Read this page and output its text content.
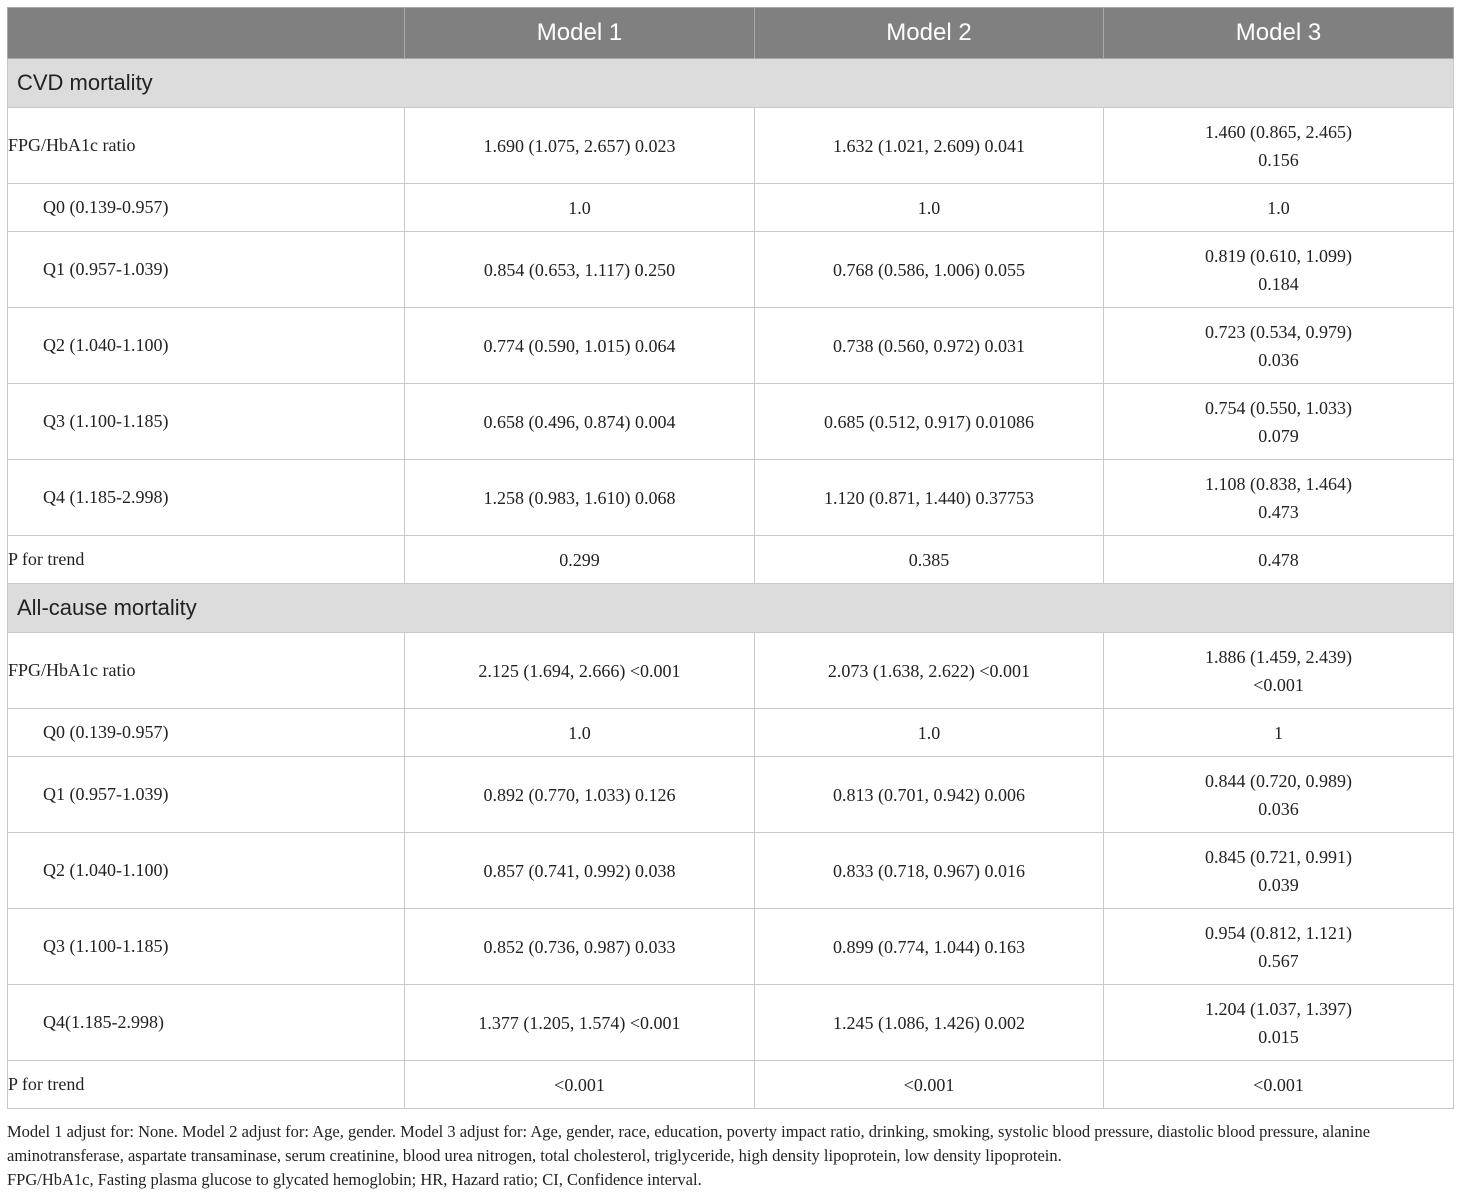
	Model 1	Model 2	Model 3
CVD mortality			
FPG/HbA1c ratio	1.690 (1.075, 2.657) 0.023	1.632 (1.021, 2.609) 0.041	1.460 (0.865, 2.465)
0.156

Q0 (0.139-0.957)	1.0	1.0	1.0
Q1 (0.957-1.039)	0.854 (0.653, 1.117) 0.250	0.768 (0.586, 1.006) 0.055	0.819 (0.610, 1.099)
0.184

Q2 (1.040-1.100)	0.774 (0.590, 1.015) 0.064	0.738 (0.560, 0.972) 0.031	0.723 (0.534, 0.979)
0.036

Q3 (1.100-1.185)	0.658 (0.496, 0.874) 0.004	0.685 (0.512, 0.917) 0.01086	0.754 (0.550, 1.033)
0.079

Q4 (1.185-2.998)	1.258 (0.983, 1.610) 0.068	1.120 (0.871, 1.440) 0.37753	1.108 (0.838, 1.464)
0.473

P for trend	0.299	0.385	0.478
All-cause mortality			
FPG/HbA1c ratio	2.125 (1.694, 2.666) <0.001	2.073 (1.638, 2.622) <0.001	1.886 (1.459, 2.439)
<0.001

Q0 (0.139-0.957)	1.0	1.0	1
Q1 (0.957-1.039)	0.892 (0.770, 1.033) 0.126	0.813 (0.701, 0.942) 0.006	0.844 (0.720, 0.989)
0.036

Q2 (1.040-1.100)	0.857 (0.741, 0.992) 0.038	0.833 (0.718, 0.967) 0.016	0.845 (0.721, 0.991)
0.039

Q3 (1.100-1.185)	0.852 (0.736, 0.987) 0.033	0.899 (0.774, 1.044) 0.163	0.954 (0.812, 1.121)
0.567

Q4(1.185-2.998)	1.377 (1.205, 1.574) <0.001	1.245 (1.086, 1.426) 0.002	1.204 (1.037, 1.397)
0.015

P for trend	<0.001	<0.001	<0.001

Model 1 adjust for: None. Model 2 adjust for: Age, gender. Model 3 adjust for: Age, gender, race, education, poverty impact ratio, drinking, smoking, systolic blood pressure, diastolic blood pressure, alanine aminotransferase, aspartate transaminase, serum creatinine, blood urea nitrogen, total cholesterol, triglyceride, high density lipoprotein, low density lipoprotein.

FPG/HbA1c, Fasting plasma glucose to glycated hemoglobin; HR, Hazard ratio; CI, Confidence interval.
